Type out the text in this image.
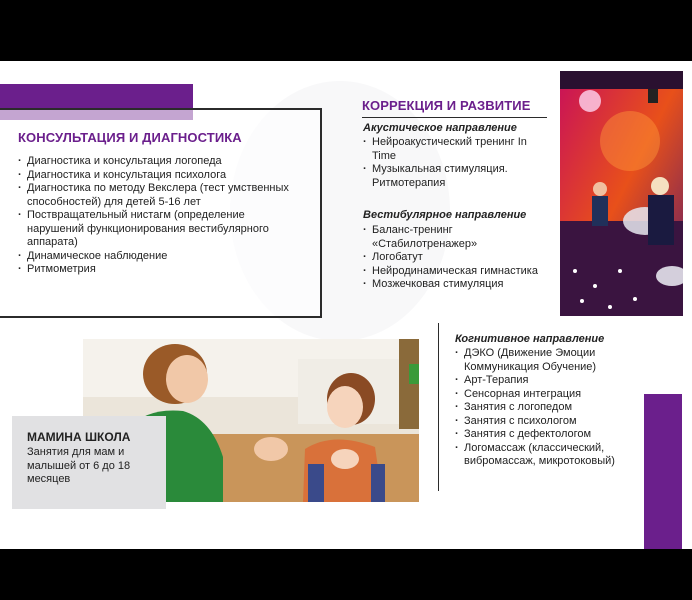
КОНСУЛЬТАЦИЯ И ДИАГНОСТИКА
· Диагностика и консультация логопеда
· Диагностика и консультация психолога
· Диагностика по методу Векслера (тест умственных способностей) для детей 5-16 лет
· Поствращательный нистагм (определение нарушений функционирования вестибулярного аппарата)
· Динамическое наблюдение
· Ритмометрия
КОРРЕКЦИЯ И РАЗВИТИЕ
Акустическое направление
· Нейроакустический тренинг In Time
· Музыкальная стимуляция. Ритмотерапия
Вестибулярное направление
· Баланс-тренинг «Стабилотренажер»
· Логобатут
· Нейродинамическая гимнастика
· Мозжечковая стимуляция
Когнитивное направление
· ДЭКО (Движение Эмоции Коммуникация Обучение)
· Арт-Терапия
· Сенсорная интеграция
· Занятия с логопедом
· Занятия с психологом
· Занятия с дефектологом
· Логомассаж (классический, вибромассаж, микротоковый)
МАМИНА ШКОЛА
Занятия для мам и малышей от 6 до 18 месяцев
